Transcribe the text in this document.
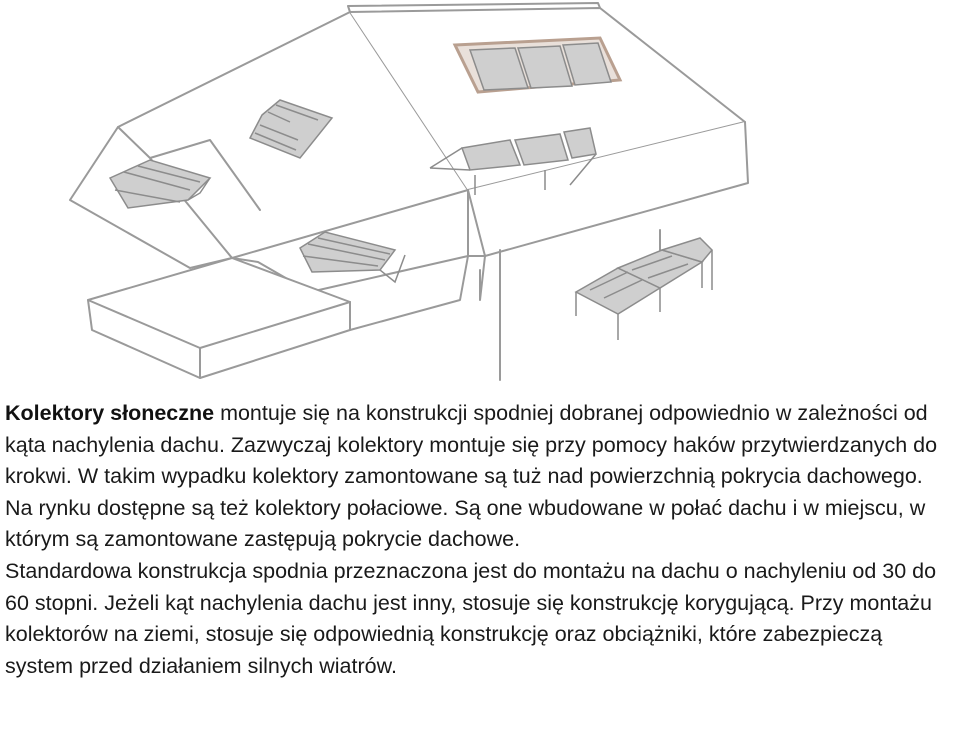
Kolektory słoneczne montuje się na konstrukcji spodniej dobranej odpowiednio w zależności od kąta nachylenia dachu. Zazwyczaj kolektory montuje się przy pomocy haków przytwierdzanych do krokwi. W takim wypadku kolektory zamontowane są tuż nad powierzchnią pokrycia dachowego.

Na rynku dostępne są też kolektory połaciowe. Są one wbudowane w połać dachu i w miejscu, w którym są zamontowane zastępują pokrycie dachowe.

Standardowa konstrukcja spodnia przeznaczona jest do montażu na dachu o nachyleniu od 30 do 60 stopni. Jeżeli kąt nachylenia dachu jest inny, stosuje się konstrukcję korygującą. Przy montażu kolektorów na ziemi, stosuje się odpowiednią konstrukcję oraz obciążniki, które zabezpieczą system przed działaniem silnych wiatrów.
